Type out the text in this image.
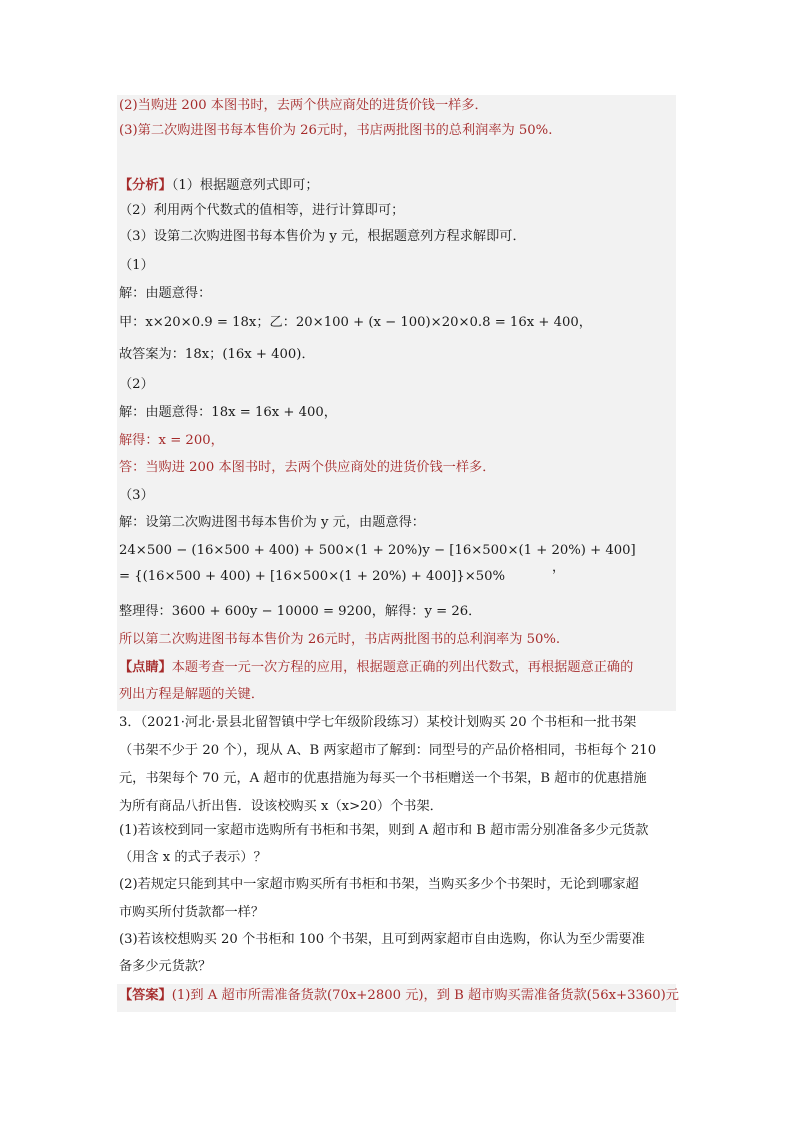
(2)当购进 200 本图书时，去两个供应商处的进货价钱一样多．
(3)第二次购进图书每本售价为 26元时，书店两批图书的总利润率为 50%.
【分析】（1）根据题意列式即可；
（2）利用两个代数式的值相等，进行计算即可；
（3）设第二次购进图书每本售价为 y 元，根据题意列方程求解即可．
（1）
解：由题意得：
甲：x×20×0.9 = 18x；乙：20×100 + (x − 100)×20×0.8 = 16x + 400，
故答案为：18x；(16x + 400)．
（2）
解：由题意得：18x = 16x + 400，
解得：x = 200，
答：当购进 200 本图书时，去两个供应商处的进货价钱一样多．
（3）
解：设第二次购进图书每本售价为 y 元，由题意得：
24×500 − (16×500 + 400) + 500×(1 + 20%)y − [16×500×(1 + 20%) + 400]
，
= {(16×500 + 400) + [16×500×(1 + 20%) + 400]}×50%
整理得：3600 + 600y − 10000 = 9200，解得：y = 26．
所以第二次购进图书每本售价为 26元时，书店两批图书的总利润率为 50%.
【点睛】本题考查一元一次方程的应用，根据题意正确的列出代数式，再根据题意正确的
列出方程是解题的关键．
3．（2021·河北·景县北留智镇中学七年级阶段练习）某校计划购买 20 个书柜和一批书架
（书架不少于 20 个），现从 A、B 两家超市了解到：同型号的产品价格相同，书柜每个 210
元，书架每个 70 元，A 超市的优惠措施为每买一个书柜赠送一个书架，B 超市的优惠措施
为所有商品八折出售．设该校购买 x（x>20）个书架．
(1)若该校到同一家超市选购所有书柜和书架，则到 A 超市和 B 超市需分别准备多少元货款
（用含 x 的式子表示）？
(2)若规定只能到其中一家超市购买所有书柜和书架，当购买多少个书架时，无论到哪家超
市购买所付货款都一样？
(3)若该校想购买 20 个书柜和 100 个书架，且可到两家超市自由选购，你认为至少需要准
备多少元货款？
【答案】(1)到 A 超市所需准备货款(70x+2800 元)，到 B 超市购买需准备货款(56x+3360)元
